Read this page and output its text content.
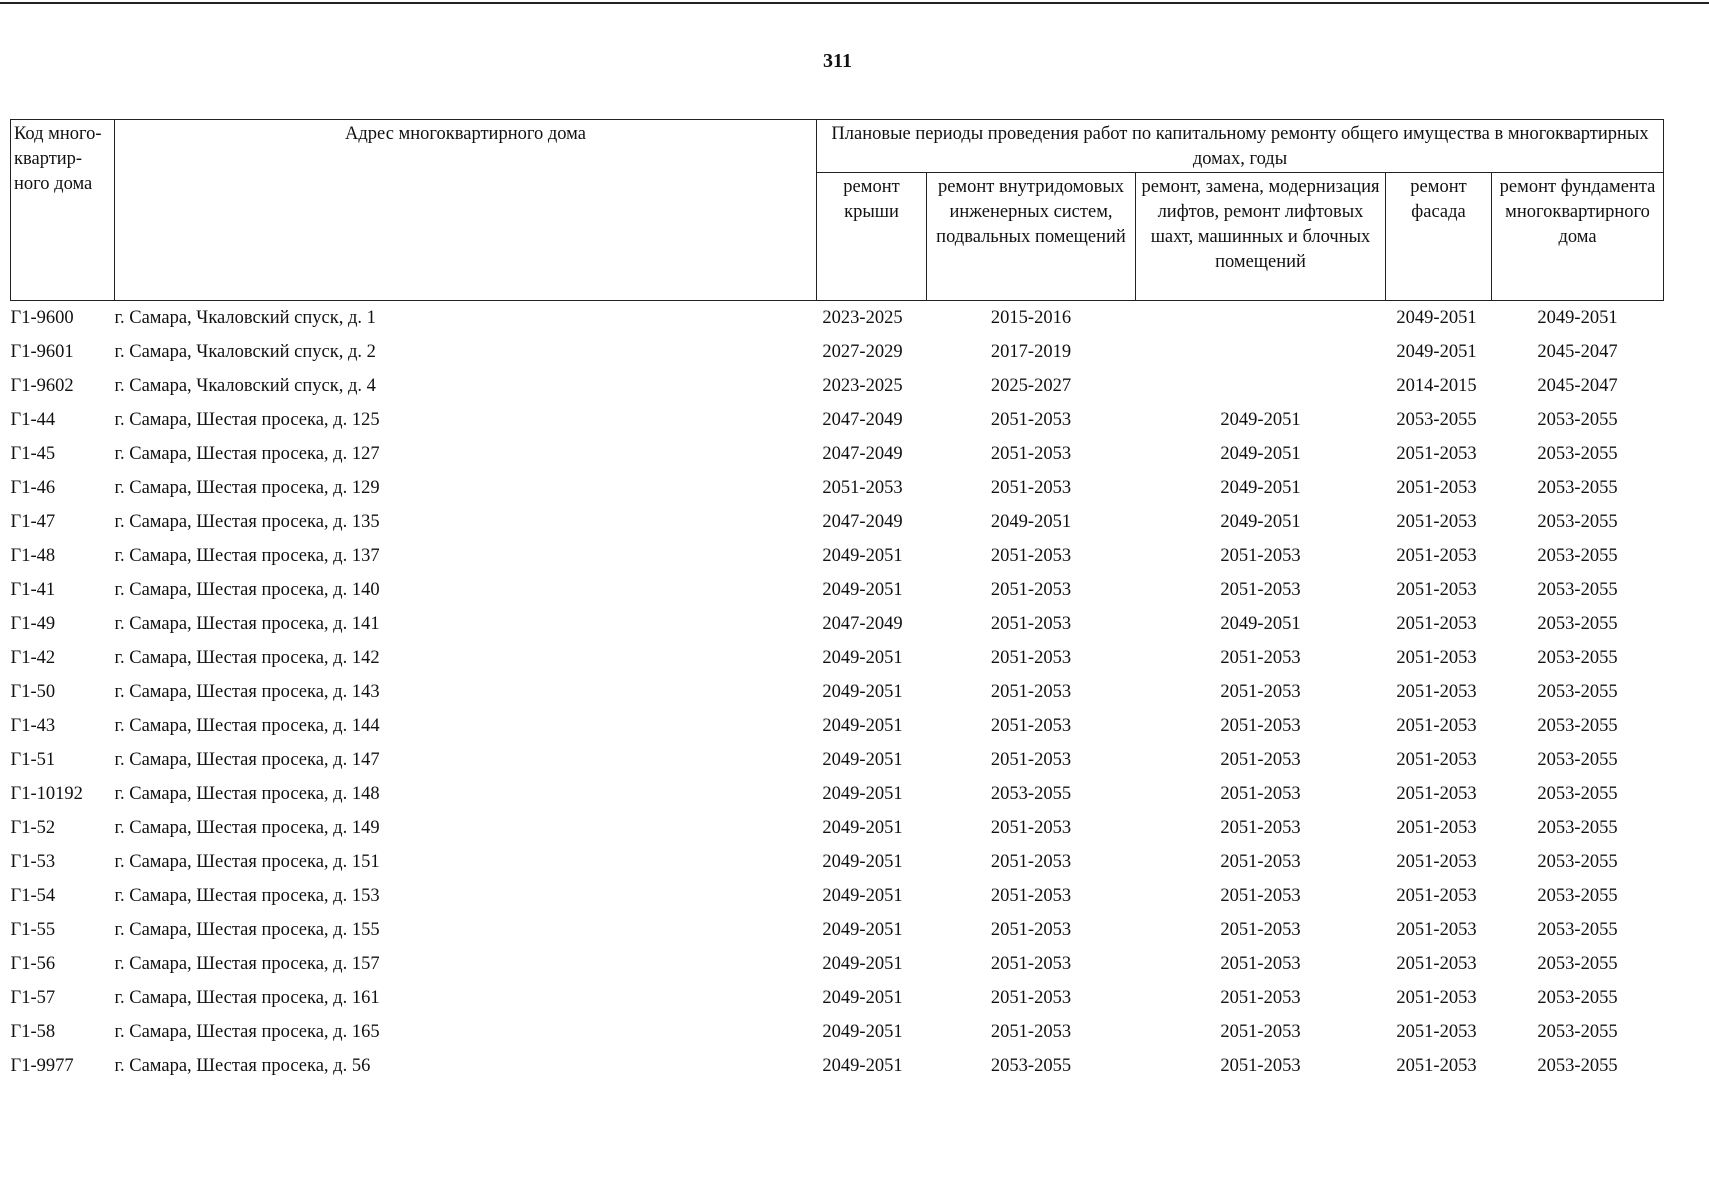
311
Код много-квартир-ного дома	Адрес многоквартирного дома	Плановые периоды проведения работ по капитальному ремонту общего имущества в многоквартирных домах, годы				
		ремонт крыши	ремонт внутридомовых инженерных систем, подвальных помещений	ремонт, замена, модернизация лифтов, ремонт лифтовых шахт, машинных и блочных помещений	ремонт фасада	ремонт фундамента многоквартирного дома
Г1-9600	г. Самара, Чкаловский спуск, д. 1	2023-2025	2015-2016		2049-2051	2049-2051
Г1-9601	г. Самара, Чкаловский спуск, д. 2	2027-2029	2017-2019		2049-2051	2045-2047
Г1-9602	г. Самара, Чкаловский спуск, д. 4	2023-2025	2025-2027		2014-2015	2045-2047
Г1-44	г. Самара, Шестая просека, д. 125	2047-2049	2051-2053	2049-2051	2053-2055	2053-2055
Г1-45	г. Самара, Шестая просека, д. 127	2047-2049	2051-2053	2049-2051	2051-2053	2053-2055
Г1-46	г. Самара, Шестая просека, д. 129	2051-2053	2051-2053	2049-2051	2051-2053	2053-2055
Г1-47	г. Самара, Шестая просека, д. 135	2047-2049	2049-2051	2049-2051	2051-2053	2053-2055
Г1-48	г. Самара, Шестая просека, д. 137	2049-2051	2051-2053	2051-2053	2051-2053	2053-2055
Г1-41	г. Самара, Шестая просека, д. 140	2049-2051	2051-2053	2051-2053	2051-2053	2053-2055
Г1-49	г. Самара, Шестая просека, д. 141	2047-2049	2051-2053	2049-2051	2051-2053	2053-2055
Г1-42	г. Самара, Шестая просека, д. 142	2049-2051	2051-2053	2051-2053	2051-2053	2053-2055
Г1-50	г. Самара, Шестая просека, д. 143	2049-2051	2051-2053	2051-2053	2051-2053	2053-2055
Г1-43	г. Самара, Шестая просека, д. 144	2049-2051	2051-2053	2051-2053	2051-2053	2053-2055
Г1-51	г. Самара, Шестая просека, д. 147	2049-2051	2051-2053	2051-2053	2051-2053	2053-2055
Г1-10192	г. Самара, Шестая просека, д. 148	2049-2051	2053-2055	2051-2053	2051-2053	2053-2055
Г1-52	г. Самара, Шестая просека, д. 149	2049-2051	2051-2053	2051-2053	2051-2053	2053-2055
Г1-53	г. Самара, Шестая просека, д. 151	2049-2051	2051-2053	2051-2053	2051-2053	2053-2055
Г1-54	г. Самара, Шестая просека, д. 153	2049-2051	2051-2053	2051-2053	2051-2053	2053-2055
Г1-55	г. Самара, Шестая просека, д. 155	2049-2051	2051-2053	2051-2053	2051-2053	2053-2055
Г1-56	г. Самара, Шестая просека, д. 157	2049-2051	2051-2053	2051-2053	2051-2053	2053-2055
Г1-57	г. Самара, Шестая просека, д. 161	2049-2051	2051-2053	2051-2053	2051-2053	2053-2055
Г1-58	г. Самара, Шестая просека, д. 165	2049-2051	2051-2053	2051-2053	2051-2053	2053-2055
Г1-9977	г. Самара, Шестая просека, д. 56	2049-2051	2053-2055	2051-2053	2051-2053	2053-2055
